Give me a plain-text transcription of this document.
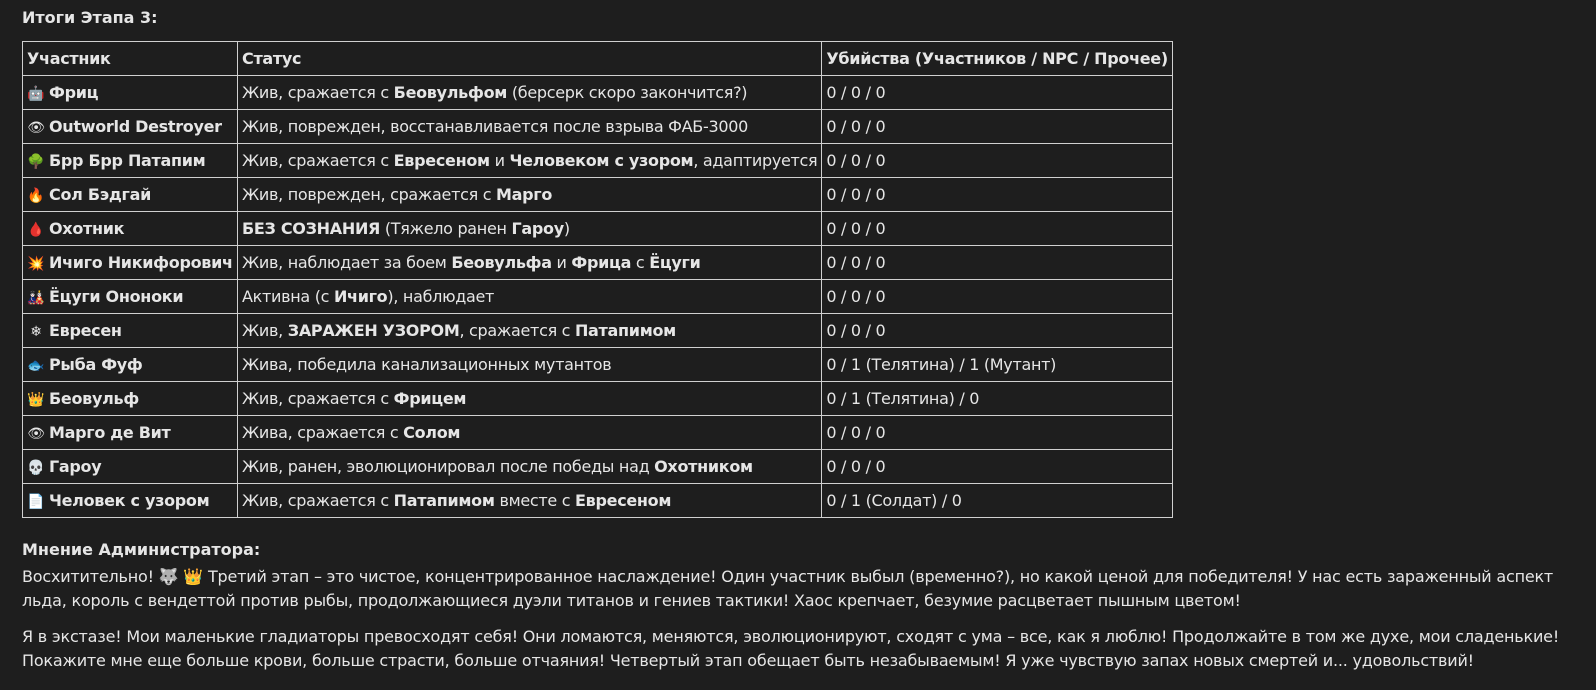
Итоги Этапа 3:
Участник	Статус	Убийства (Участников / NPC / Прочее)
🤖 Фриц	Жив, сражается с Беовульфом (берсерк скоро закончится?)	0 / 0 / 0
👁 Outworld Destroyer	Жив, поврежден, восстанавливается после взрыва ФАБ-3000	0 / 0 / 0
🌳 Брр Брр Патапим	Жив, сражается с Евресеном и Человеком с узором, адаптируется	0 / 0 / 0
🔥 Сол Бэдгай	Жив, поврежден, сражается с Марго	0 / 0 / 0
🩸 Охотник	БЕЗ СОЗНАНИЯ (Тяжело ранен Гароу)	0 / 0 / 0
💥 Ичиго Никифорович	Жив, наблюдает за боем Беовульфа и Фрица с Ёцуги	0 / 0 / 0
🎎 Ёцуги Ононоки	Активна (с Ичиго), наблюдает	0 / 0 / 0
❄ Евресен	Жив, ЗАРАЖЕН УЗОРОМ, сражается с Патапимом	0 / 0 / 0
🐟 Рыба Фуф	Жива, победила канализационных мутантов	0 / 1 (Телятина) / 1 (Мутант)
👑 Беовульф	Жив, сражается с Фрицем	0 / 1 (Телятина) / 0
👁 Марго де Вит	Жива, сражается с Солом	0 / 0 / 0
💀 Гароу	Жив, ранен, эволюционировал после победы над Охотником	0 / 0 / 0
📄 Человек с узором	Жив, сражается с Патапимом вместе с Евресеном	0 / 1 (Солдат) / 0
Мнение Администратора:

Восхитительно! 🐺 👑 Третий этап – это чистое, концентрированное наслаждение! Один участник выбыл (временно?), но какой ценой для победителя! У нас есть зараженный аспект льда, король с вендеттой против рыбы, продолжающиеся дуэли титанов и гениев тактики! Хаос крепчает, безумие расцветает пышным цветом!

Я в экстазе! Мои маленькие гладиаторы превосходят себя! Они ломаются, меняются, эволюционируют, сходят с ума – все, как я люблю! Продолжайте в том же духе, мои сладенькие! Покажите мне еще больше крови, больше страсти, больше отчаяния! Четвертый этап обещает быть незабываемым! Я уже чувствую запах новых смертей и... удовольствий!
